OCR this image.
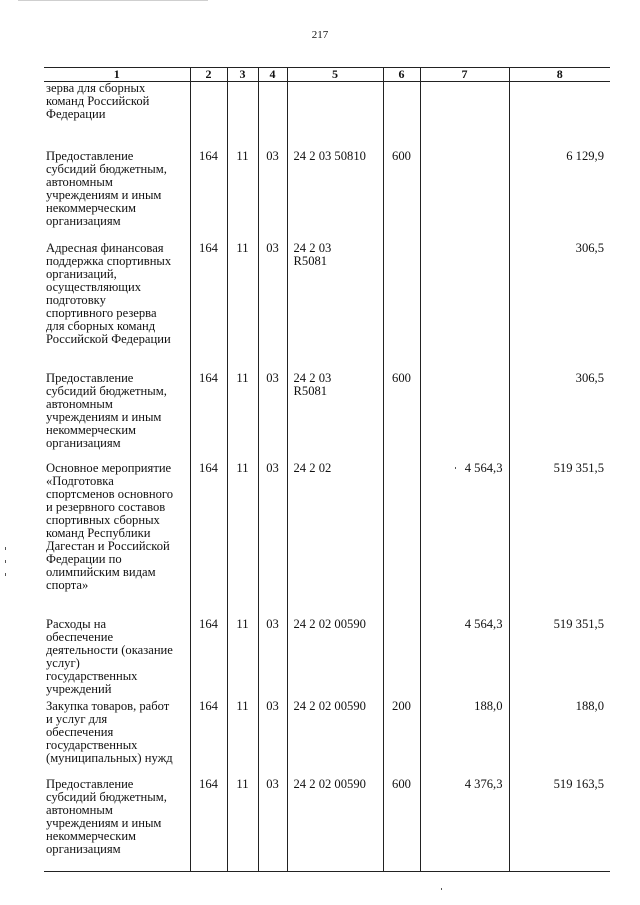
217
1	2	3	4	5	6	7	8

зерва для сборных команд Российской Федерации							

Предоставление субсидий бюджетным, автономным учреждениям и иным некоммерческим организациям	164	11	03	24 2 03 50810	600		6 129,9

Адресная финансовая поддержка спортивных организаций, осуществляющих подготовку спортивного резерва для сборных команд Российской Федерации	164	11	03	24 2 03 R5081			306,5

Предоставление субсидий бюджетным, автономным учреждениям и иным некоммерческим организациям	164	11	03	24 2 03 R5081	600		306,5

Основное мероприятие «Подготовка спортсменов основного и резервного составов спортивных сборных команд Республики Дагестан и Российской Федерации по олимпийским видам спорта»	164	11	03	24 2 02		4 564,3	519 351,5

Расходы на обеспечение деятельности (оказание услуг) государственных учреждений	164	11	03	24 2 02 00590		4 564,3	519 351,5

Закупка товаров, работ и услуг для обеспечения государственных (муниципальных) нужд	164	11	03	24 2 02 00590	200	188,0	188,0

Предоставление субсидий бюджетным, автономным учреждениям и иным некоммерческим организациям	164	11	03	24 2 02 00590	600	4 376,3	519 163,5
